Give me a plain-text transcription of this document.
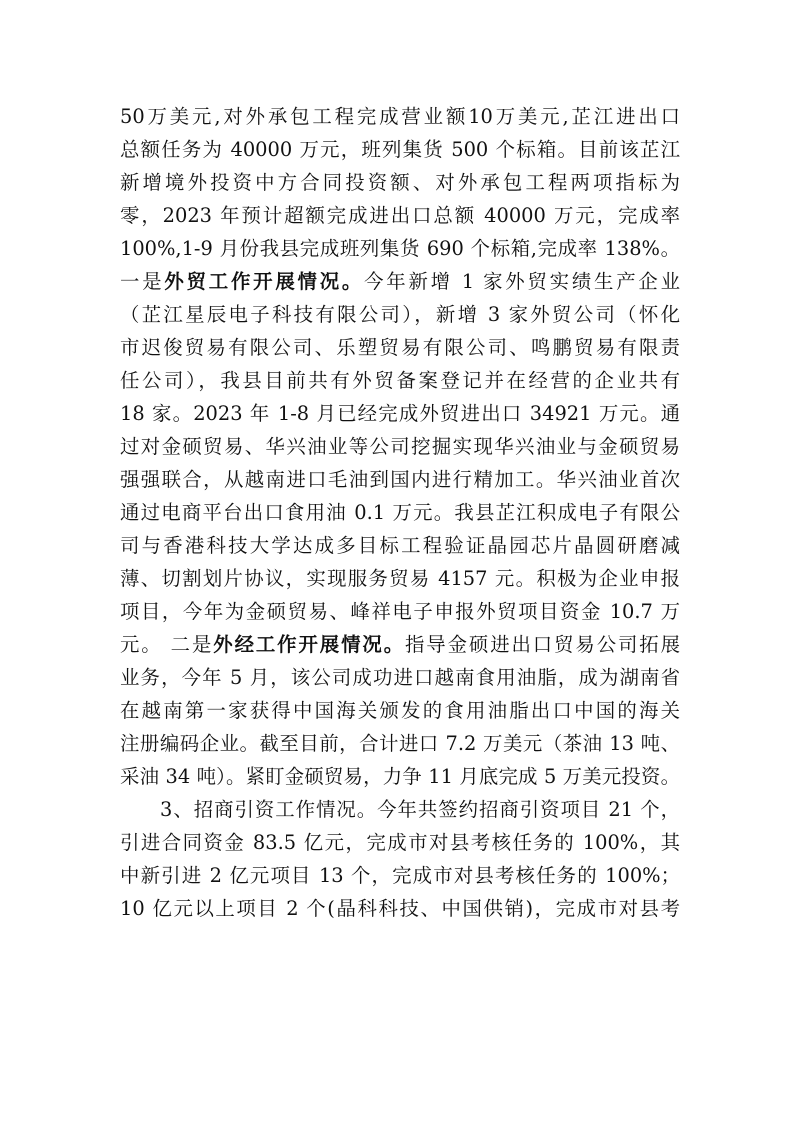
50万美元,对外承包工程完成营业额10万美元,芷江进出口
总额任务为 40000 万元，班列集货 500 个标箱。目前该芷江
新增境外投资中方合同投资额、对外承包工程两项指标为
零，2023 年预计超额完成进出口总额 40000 万元，完成率
100%,1-9 月份我县完成班列集货 690 个标箱,完成率 138%。
一是外贸工作开展情况。今年新增 1 家外贸实绩生产企业
（芷江星辰电子科技有限公司），新增 3 家外贸公司（怀化
市迟俊贸易有限公司、乐塑贸易有限公司、鸣鹏贸易有限责
任公司），我县目前共有外贸备案登记并在经营的企业共有
18 家。2023 年 1-8 月已经完成外贸进出口 34921 万元。通
过对金硕贸易、华兴油业等公司挖掘实现华兴油业与金硕贸易
强强联合，从越南进口毛油到国内进行精加工。华兴油业首次
通过电商平台出口食用油 0.1 万元。我县芷江积成电子有限公
司与香港科技大学达成多目标工程验证晶园芯片晶圆研磨减
薄、切割划片协议，实现服务贸易 4157 元。积极为企业申报
项目，今年为金硕贸易、峰祥电子申报外贸项目资金 10.7 万
元。 二是外经工作开展情况。指导金硕进出口贸易公司拓展
业务，今年 5 月，该公司成功进口越南食用油脂，成为湖南省
在越南第一家获得中国海关颁发的食用油脂出口中国的海关
注册编码企业。截至目前，合计进口 7.2 万美元（茶油 13 吨、
采油 34 吨）。紧盯金硕贸易，力争 11 月底完成 5 万美元投资。
3、招商引资工作情况。今年共签约招商引资项目 21 个，
引进合同资金 83.5 亿元，完成市对县考核任务的 100%，其
中新引进 2 亿元项目 13 个，完成市对县考核任务的 100%；
10 亿元以上项目 2 个(晶科科技、中国供销)，完成市对县考
